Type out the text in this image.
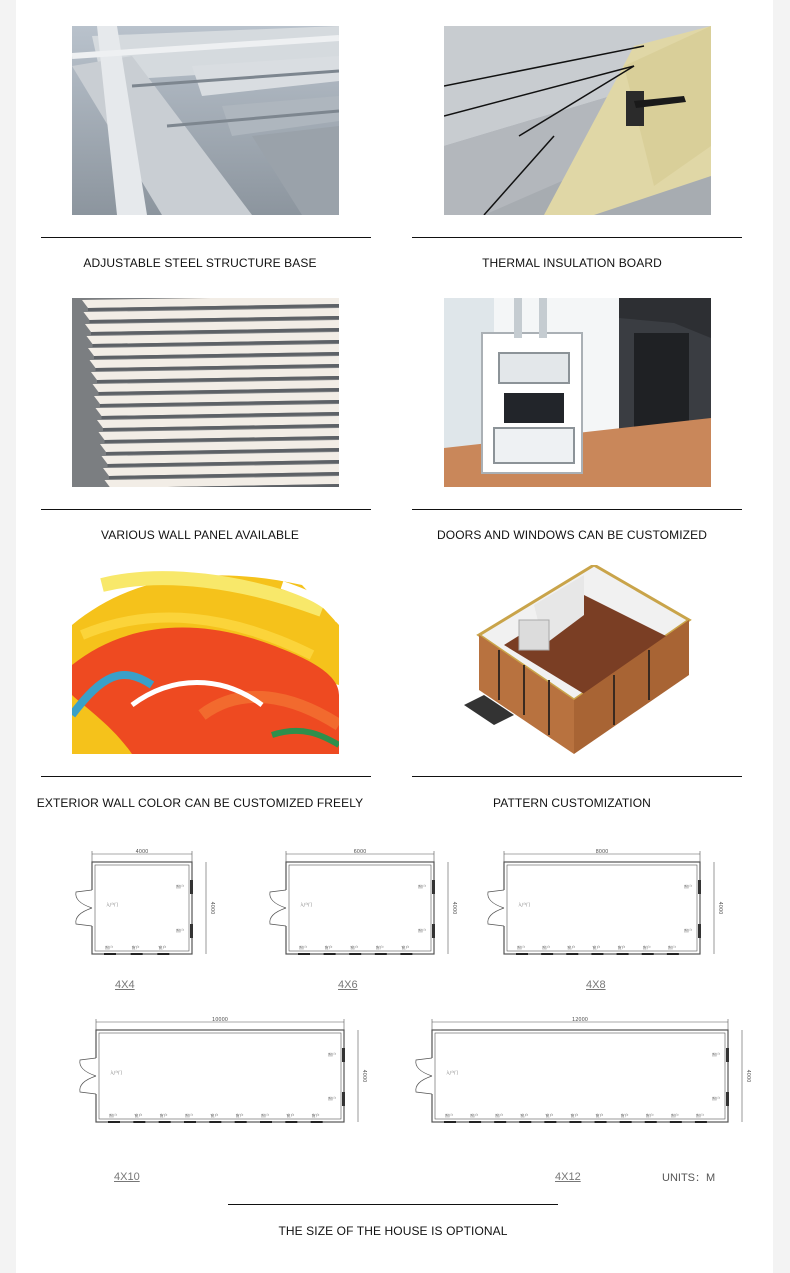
ADJUSTABLE STEEL STRUCTURE BASE	THERMAL INSULATION BOARD
VARIOUS WALL PANEL AVAILABLE	DOORS AND WINDOWS CAN BE CUSTOMIZED
EXTERIOR WALL COLOR CAN BE CUSTOMIZED FREELY	PATTERN CUSTOMIZATION
4000
4000
入户门
窗户
窗户
窗户	窗户	窗户
6000
4000
入户门
窗户
窗户
窗户	窗户	窗户	窗户	窗户
8000
4000
入户门
窗户
窗户
窗户	窗户	窗户	窗户	窗户	窗户	窗户
10000
4000
入户门
窗户
窗户
窗户	窗户	窗户	窗户	窗户	窗户	窗户	窗户	窗户
12000
4000
入户门
窗户
窗户
窗户	窗户	窗户	窗户	窗户	窗户	窗户	窗户	窗户	窗户	窗户
4X4	4X6	4X8
4X10	4X12	UNITS：M
THE SIZE OF THE HOUSE IS OPTIONAL
